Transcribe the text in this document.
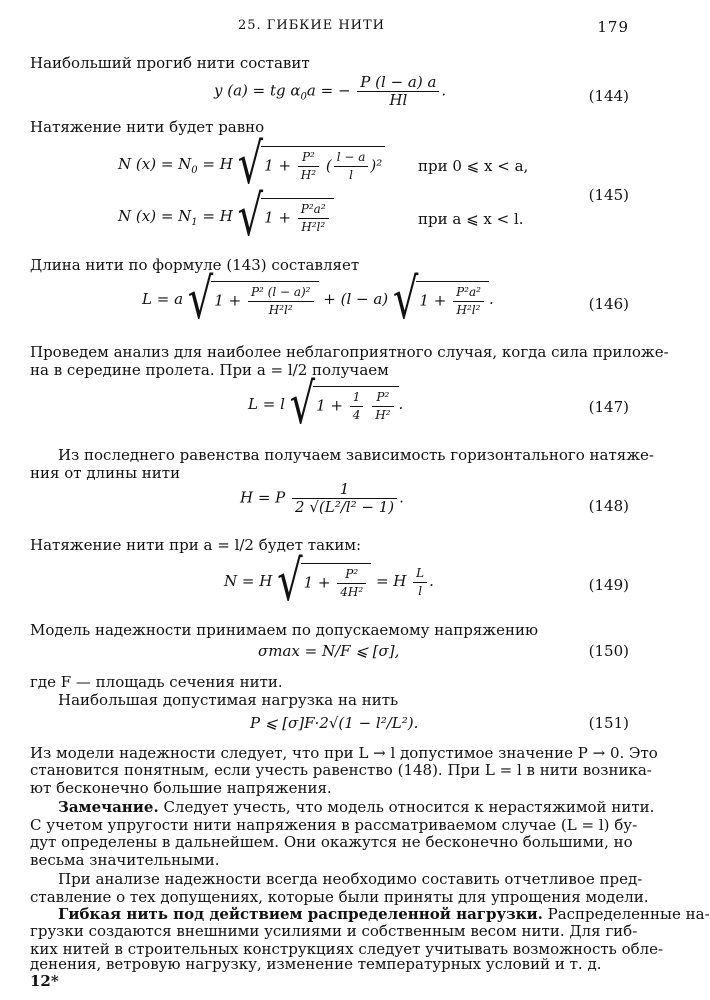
25. ГИБКИЕ НИТИ	179
Наибольший прогиб нити составит
y (a) = tg $\alpha_0a$ = − $\frac{P (l - a) a}{Hl}$ .	(144)
Натяжение нити будет равно
N $(x) = N_0 = H$ $√1 + \frac{\text{P²}}{\text{H²}}$ ( $\frac{l - a}{l} )^2$ при 0 ⩽ x < a,
(145)
N $(x) = N_1 = H$ $√1 + \frac{\text{P²a²}}{\text{H²l²}}$	при a ⩽ x < l.
Длина нити по формуле (143) составляет
L = a $√1 + \frac{\text{P² (l − a)²}}{\text{H²l²}} + (l - a) √1 + \frac{\text{P²a²}}{\text{H²l²}}$ .	(146)
Проведем анализ для наиболее неблагоприятного случая, когда сила приложе-
на в середине пролета. При a = l/2 получаем
L = l $√1 + \frac{1}{4}$
$\frac{\text{P²}}{\text{H²}}$ .	(147)
Из последнего равенства получаем зависимость горизонтального натяже-
ния от длины нити
H = P $\frac{1}{\text{2 √(L²/l² − 1)}}$ .	(148)
Натяжение нити при a = l/2 будет таким:
N = H $√1 + \frac{\text{P²}}{\text{4H²}} = H \frac{L}{l}$ .	(149)
Модель надежности принимаем по допускаемому напряжению
σmax = N/F ⩽ [σ],	(150)
где F — площадь сечения нити.
Наибольшая допустимая нагрузка на нить
P ⩽ [σ]F·2√(1 − l²/L²).	(151)
Из модели надежности следует, что при L → l допустимое значение P → 0. Это
становится понятным, если учесть равенство (148). При L = l в нити возника-
ют бесконечно большие напряжения.
Замечание. Следует учесть, что модель относится к нерастяжимой нити.
С учетом упругости нити напряжения в рассматриваемом случае (L = l) бу-
дут определены в дальнейшем. Они окажутся не бесконечно большими, но
весьма значительными.
При анализе надежности всегда необходимо составить отчетливое пред-
ставление о тех допущениях, которые были приняты для упрощения модели.
Гибкая нить под действием распределенной нагрузки. Распределенные на-
грузки создаются внешними усилиями и собственным весом нити. Для гиб-
ких нитей в строительных конструкциях следует учитывать возможность обле-
денения, ветровую нагрузку, изменение температурных условий и т. д.
12*
